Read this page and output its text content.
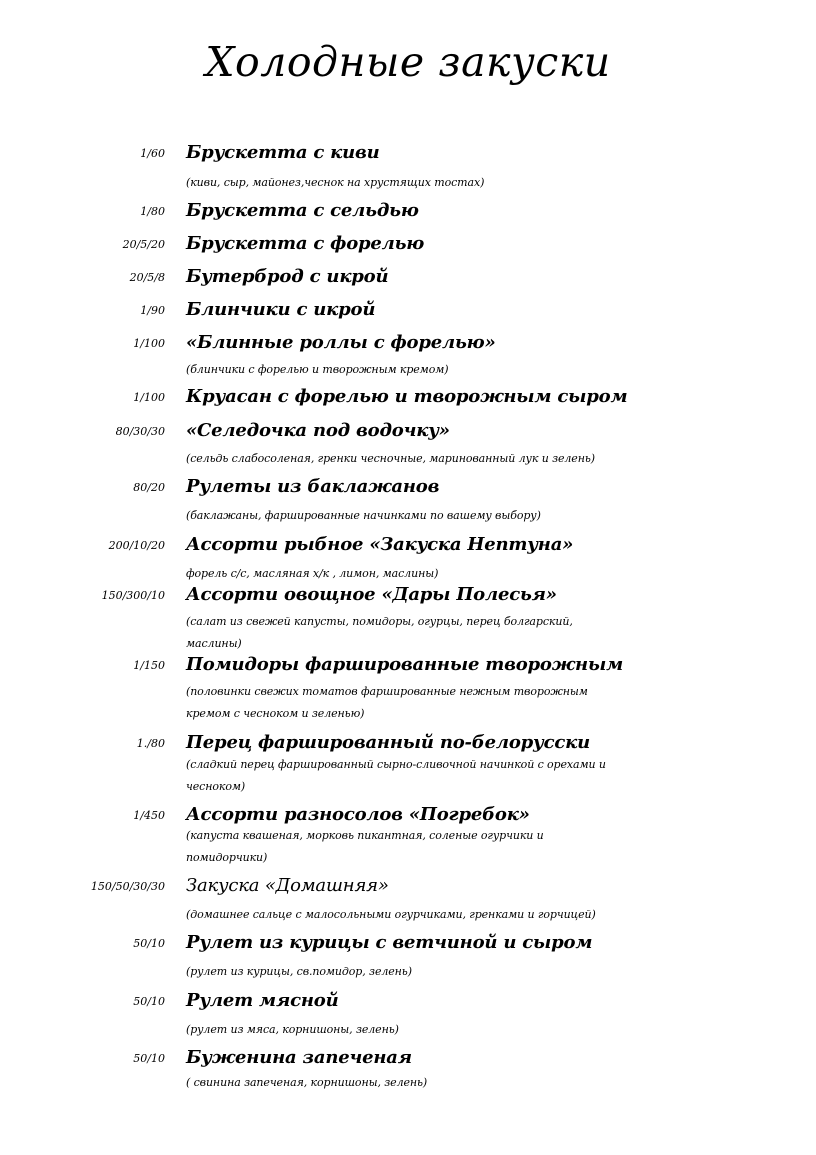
Холодные закуски
1/60 Брускетта с киви
(киви, сыр, майонез,чеснок на хрустящих тостах)
1/80 Брускетта с сельдью
20/5/20 Брускетта с форелью
20/5/8 Бутерброд с икрой
1/90 Блинчики с икрой
1/100 «Блинные роллы с форелью»
(блинчики с форелью и творожным кремом)
1/100 Круасан с форелью и творожным сыром
80/30/30 «Селедочка под водочку»
(сельдь слабосоленая, гренки чесночные, маринованный лук и зелень)
80/20 Рулеты из баклажанов
(баклажаны, фаршированные начинками по вашему выбору)
200/10/20 Ассорти рыбное «Закуска Нептуна»
форель с/с, масляная х/к , лимон, маслины)
150/300/10 Ассорти овощное «Дары Полесья»
(салат из свежей капусты, помидоры, огурцы, перец болгарский, маслины)
1/150 Помидоры фаршированные творожным
(половинки свежих томатов фаршированные нежным творожным кремом с чесноком и зеленью)
1./80 Перец фаршированный по-белорусски
(сладкий перец фаршированный сырно-сливочной начинкой с орехами и чесноком)
1/450 Ассорти разносолов «Погребок»
(капуста квашеная, морковь пикантная, соленые огурчики и помидорчики)
150/50/30/30 Закуска «Домашняя»
(домашнее сальце с малосольными огурчиками, гренками и горчицей)
50/10 Рулет из курицы с ветчиной и сыром
(рулет из курицы, св.помидор, зелень)
50/10 Рулет мясной
(рулет из мяса, корнишоны, зелень)
50/10 Буженина запеченая
( свинина запеченая, корнишоны, зелень)
